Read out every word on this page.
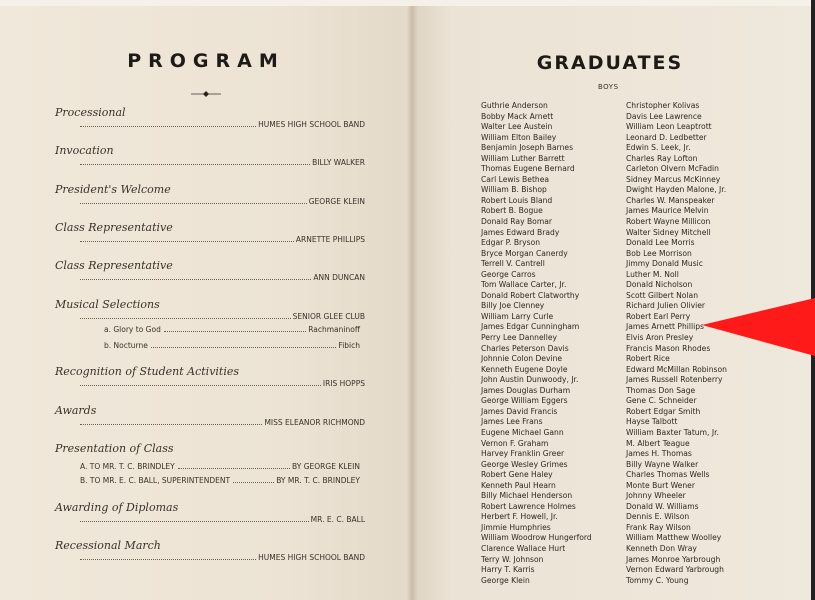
PROGRAM
Processional
HUMES HIGH SCHOOL BAND
Invocation
BILLY WALKER
President's Welcome
GEORGE KLEIN
Class Representative
ARNETTE PHILLIPS
Class Representative
ANN DUNCAN
Musical Selections
SENIOR GLEE CLUB
a. Glory to God	Rachmaninoff
b. Nocturne	Fibich
Recognition of Student Activities
IRIS HOPPS
Awards
MISS ELEANOR RICHMOND
Presentation of Class
A. TO MR. T. C. BRINDLEY	BY GEORGE KLEIN
B. TO MR. E. C. BALL, SUPERINTENDENT	BY MR. T. C. BRINDLEY
Awarding of Diplomas
MR. E. C. BALL
Recessional March
HUMES HIGH SCHOOL BAND
GRADUATES
BOYS
Guthrie Anderson
Bobby Mack Arnett
Walter Lee Austein
William Elton Bailey
Benjamin Joseph Barnes
William Luther Barrett
Thomas Eugene Bernard
Carl Lewis Bethea
William B. Bishop
Robert Louis Bland
Robert B. Bogue
Donald Ray Bomar
James Edward Brady
Edgar P. Bryson
Bryce Morgan Canerdy
Terrell V. Cantrell
George Carros
Tom Wallace Carter, Jr.
Donald Robert Clatworthy
Billy Joe Clenney
William Larry Curle
James Edgar Cunningham
Perry Lee Dannelley
Charles Peterson Davis
Johnnie Colon Devine
Kenneth Eugene Doyle
John Austin Dunwoody, Jr.
James Douglas Durham
George William Eggers
James David Francis
James Lee Frans
Eugene Michael Gann
Vernon F. Graham
Harvey Franklin Greer
George Wesley Grimes
Robert Gene Haley
Kenneth Paul Hearn
Billy Michael Henderson
Robert Lawrence Holmes
Herbert F. Howell, Jr.
Jimmie Humphries
William Woodrow Hungerford
Clarence Wallace Hurt
Terry W. Johnson
Harry T. Karris
George Klein
Christopher Kolivas
Davis Lee Lawrence
William Leon Leaptrott
Leonard D. Ledbetter
Edwin S. Leek, Jr.
Charles Ray Lofton
Carleton Olvern McFadin
Sidney Marcus McKinney
Dwight Hayden Malone, Jr.
Charles W. Manspeaker
James Maurice Melvin
Robert Wayne Millicon
Walter Sidney Mitchell
Donald Lee Morris
Bob Lee Morrison
Jimmy Donald Music
Luther M. Noll
Donald Nicholson
Scott Gilbert Nolan
Richard Julien Olivier
Robert Earl Perry
James Arnett Phillips
Elvis Aron Presley
Francis Mason Rhodes
Robert Rice
Edward McMillan Robinson
James Russell Rotenberry
Thomas Don Sage
Gene C. Schneider
Robert Edgar Smith
Hayse Talbott
William Baxter Tatum, Jr.
M. Albert Teague
James H. Thomas
Billy Wayne Walker
Charles Thomas Wells
Monte Burt Wener
Johnny Wheeler
Donald W. Williams
Dennis E. Wilson
Frank Ray Wilson
William Matthew Woolley
Kenneth Don Wray
James Monroe Yarbrough
Vernon Edward Yarbrough
Tommy C. Young
